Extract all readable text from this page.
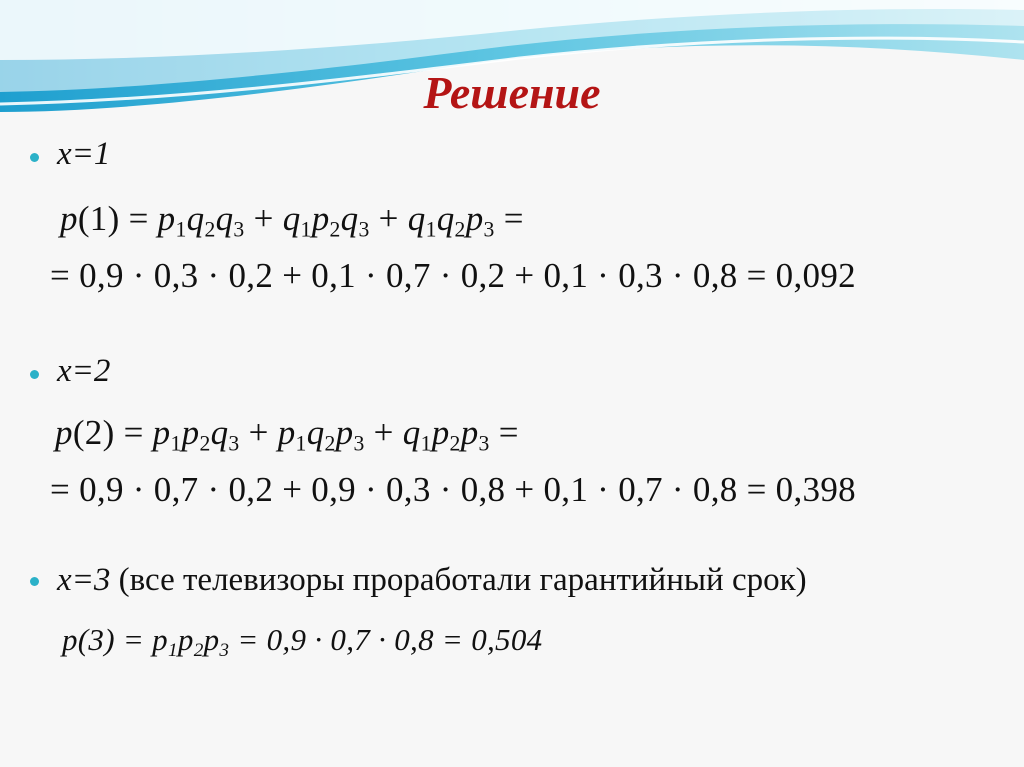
Решение
x=1
$p(1) = p_1q_2q_3 + q_1p_2q_3 + q_1q_2p_3$ =
= 0,9 · 0,3 · 0,2 + 0,1 · 0,7 · 0,2 + 0,1 · 0,3 · 0,8 = 0,092
x=2
$p(2) = p_1p_2q_3 + p_1q_2p_3 + q_1p_2p_3$ =
= 0,9 · 0,7 · 0,2 + 0,9 · 0,3 · 0,8 + 0,1 · 0,7 · 0,8 = 0,398
x=3 (все телевизоры проработали гарантийный срок)
$p(3) = p_1p_2p_3 = 0,9 \cdot 0,7 \cdot 0,8 = 0,504$
